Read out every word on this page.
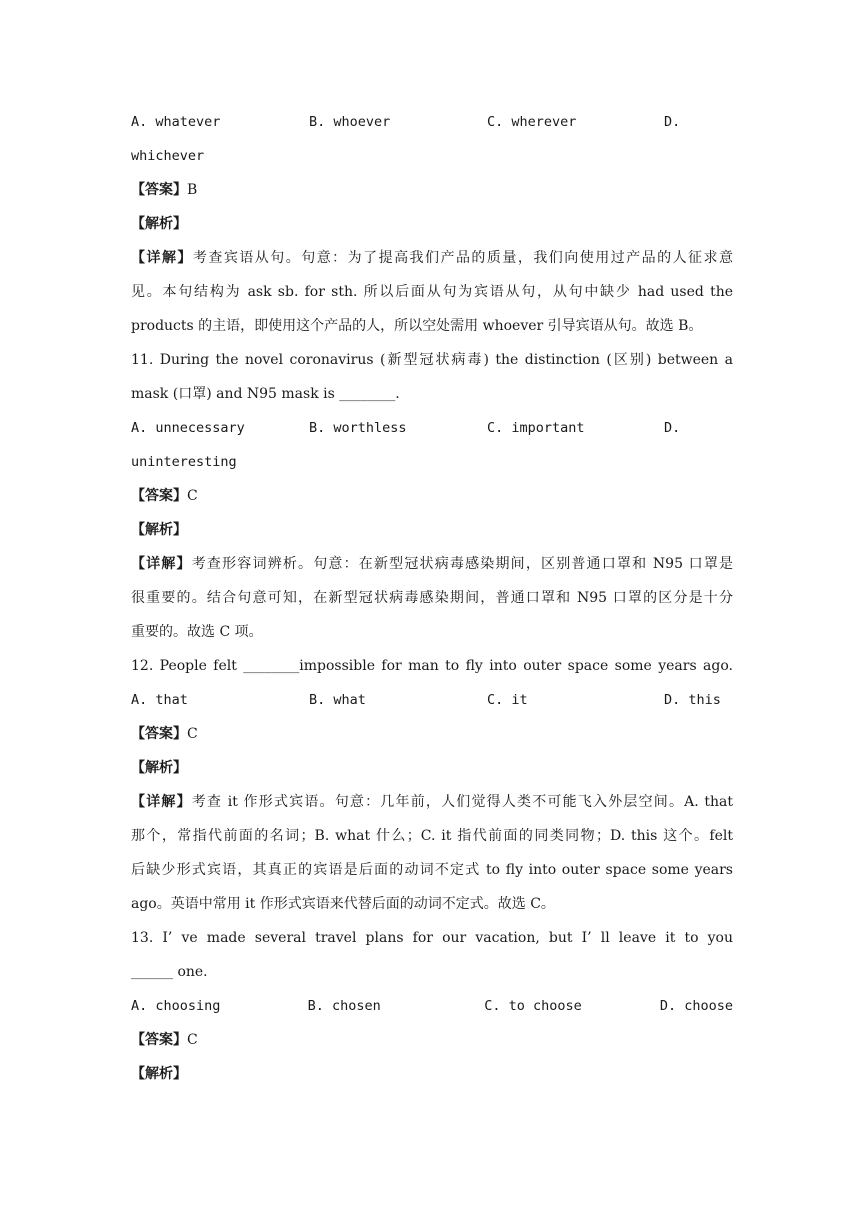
A. whatever	B. whoever	C. wherever	D.
whichever
【答案】B
【解析】
【详解】考查宾语从句。句意：为了提高我们产品的质量，我们向使用过产品的人征求意
见。本句结构为 ask sb. for sth. 所以后面从句为宾语从句，从句中缺少 had used the
products 的主语，即使用这个产品的人，所以空处需用 whoever 引导宾语从句。故选 B。
11. During the novel coronavirus (新型冠状病毒) the distinction (区别) between a
mask (口罩) and N95 mask is ________.
A. unnecessary	B. worthless	C. important	D.
uninteresting
【答案】C
【解析】
【详解】考查形容词辨析。句意：在新型冠状病毒感染期间，区别普通口罩和 N95 口罩是
很重要的。结合句意可知，在新型冠状病毒感染期间，普通口罩和 N95 口罩的区分是十分
重要的。故选 C 项。
12. People felt ________impossible for man to fly into outer space some years ago.
A. that	B. what	C. it	D. this
【答案】C
【解析】
【详解】考查 it 作形式宾语。句意：几年前，人们觉得人类不可能飞入外层空间。A. that
那个，常指代前面的名词；B. what 什么；C. it 指代前面的同类同物；D. this 这个。felt
后缺少形式宾语，其真正的宾语是后面的动词不定式 to fly into outer space some years
ago。英语中常用 it 作形式宾语来代替后面的动词不定式。故选 C。
13. I’ ve made several travel plans for our vacation, but I’ ll leave it to you
______ one.
A. choosing	B. chosen	C. to choose	D. choose
【答案】C
【解析】
